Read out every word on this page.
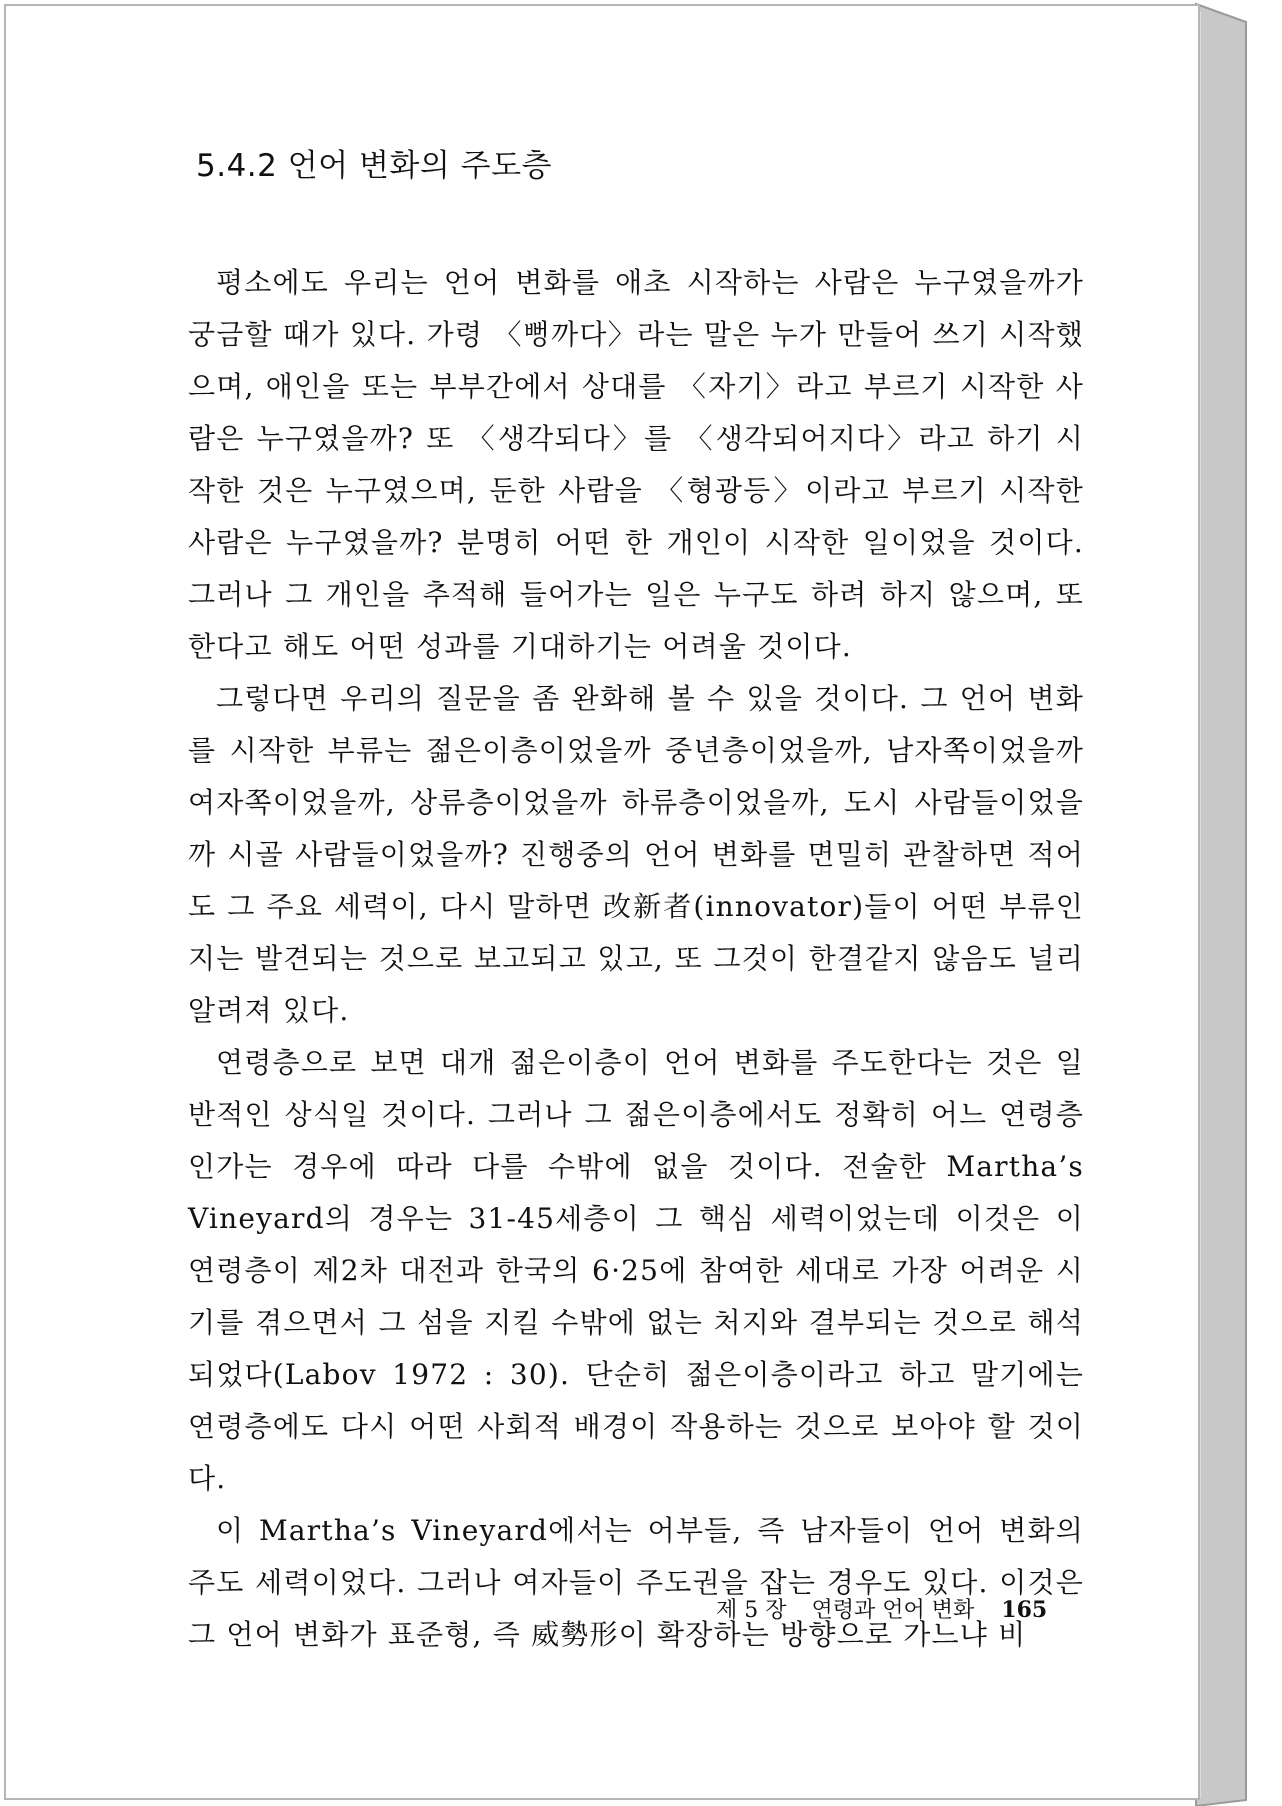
5.4.2 언어 변화의 주도층

평소에도 우리는 언어 변화를 애초 시작하는 사람은 누구였을까가 궁금할 때가 있다. 가령 〈뻥까다〉라는 말은 누가 만들어 쓰기 시작했으며, 애인을 또는 부부간에서 상대를 〈자기〉라고 부르기 시작한 사람은 누구였을까? 또 〈생각되다〉를 〈생각되어지다〉라고 하기 시작한 것은 누구였으며, 둔한 사람을 〈형광등〉이라고 부르기 시작한 사람은 누구였을까? 분명히 어떤 한 개인이 시작한 일이었을 것이다. 그러나 그 개인을 추적해 들어가는 일은 누구도 하려 하지 않으며, 또 한다고 해도 어떤 성과를 기대하기는 어려울 것이다.

그렇다면 우리의 질문을 좀 완화해 볼 수 있을 것이다. 그 언어 변화를 시작한 부류는 젊은이층이었을까 중년층이었을까, 남자쪽이었을까 여자쪽이었을까, 상류층이었을까 하류층이었을까, 도시 사람들이었을까 시골 사람들이었을까? 진행중의 언어 변화를 면밀히 관찰하면 적어도 그 주요 세력이, 다시 말하면 改新者(innovator)들이 어떤 부류인지는 발견되는 것으로 보고되고 있고, 또 그것이 한결같지 않음도 널리 알려져 있다.

연령층으로 보면 대개 젊은이층이 언어 변화를 주도한다는 것은 일반적인 상식일 것이다. 그러나 그 젊은이층에서도 정확히 어느 연령층인가는 경우에 따라 다를 수밖에 없을 것이다. 전술한 Martha’s Vineyard의 경우는 31-45세층이 그 핵심 세력이었는데 이것은 이 연령층이 제2차 대전과 한국의 6·25에 참여한 세대로 가장 어려운 시기를 겪으면서 그 섬을 지킬 수밖에 없는 처지와 결부되는 것으로 해석되었다(Labov 1972 : 30). 단순히 젊은이층이라고 하고 말기에는 연령층에도 다시 어떤 사회적 배경이 작용하는 것으로 보아야 할 것이다.

이 Martha’s Vineyard에서는 어부들, 즉 남자들이 언어 변화의 주도 세력이었다. 그러나 여자들이 주도권을 잡는 경우도 있다. 이것은 그 언어 변화가 표준형, 즉 威勢形이 확장하는 방향으로 가느냐 비

제 5 장 연령과 언어 변화 165
